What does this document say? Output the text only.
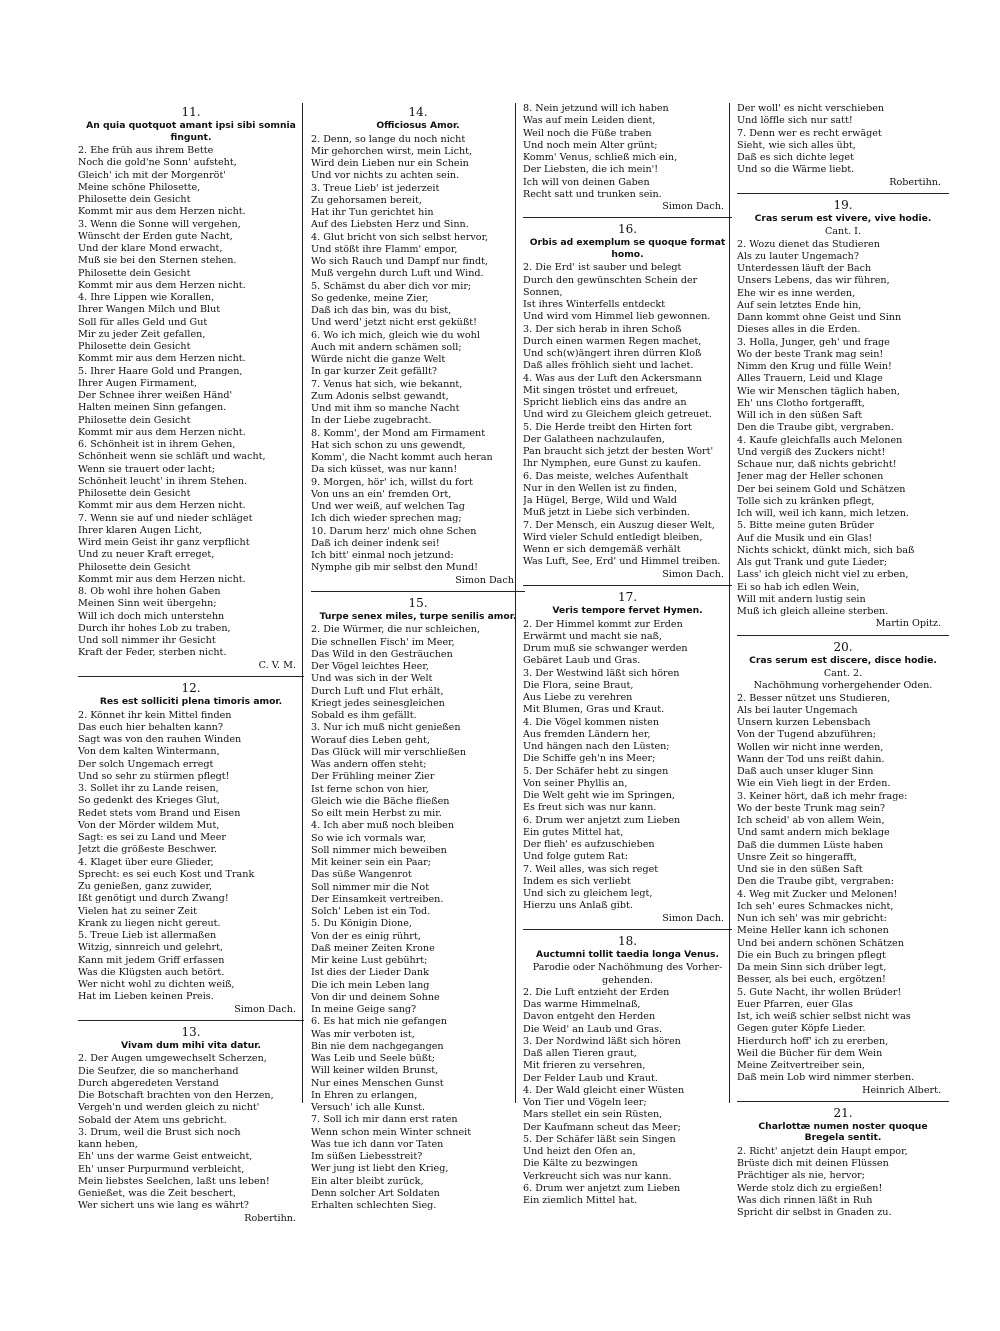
11.
An quia quotquot amant ipsi sibi somnia fingunt.
2. Ehe früh aus ihrem Bette
Noch die gold'ne Sonn' aufsteht,
Gleich' ich mit der Morgenröt'
Meine schöne Philosette,
Philosette dein Gesicht
Kommt mir aus dem Herzen nicht.
3. Wenn die Sonne will vergehen,
Wünscht der Erden gute Nacht,
Und der klare Mond erwacht,
Muß sie bei den Sternen stehen.
Philosette dein Gesicht
Kommt mir aus dem Herzen nicht.
4. Ihre Lippen wie Korallen,
Ihrer Wangen Milch und Blut
Soll für alles Geld und Gut
Mir zu jeder Zeit gefallen,
Philosette dein Gesicht
Kommt mir aus dem Herzen nicht.
5. Ihrer Haare Gold und Prangen,
Ihrer Augen Firmament,
Der Schnee ihrer weißen Händ'
Halten meinen Sinn gefangen.
Philosette dein Gesicht
Kommt mir aus dem Herzen nicht.
6. Schönheit ist in ihrem Gehen,
Schönheit wenn sie schläft und wacht,
Wenn sie trauert oder lacht;
Schönheit leucht' in ihrem Stehen.
Philosette dein Gesicht
Kommt mir aus dem Herzen nicht.
7. Wenn sie auf und nieder schläget
Ihrer klaren Augen Licht,
Wird mein Geist ihr ganz verpflicht
Und zu neuer Kraft erreget,
Philosette dein Gesicht
Kommt mir aus dem Herzen nicht.
8. Ob wohl ihre hohen Gaben
Meinen Sinn weit übergehn;
Will ich doch mich unterstehn
Durch ihr hohes Lob zu traben,
Und soll nimmer ihr Gesicht
Kraft der Feder, sterben nicht.
C. V. M.
12.
Res est solliciti plena timoris amor.
2. Könnet ihr kein Mittel finden
Das euch hier behalten kann?
Sagt was von den rauhen Winden
Von dem kalten Wintermann,
Der solch Ungemach erregt
Und so sehr zu stürmen pflegt!
3. Sollet ihr zu Lande reisen,
So gedenkt des Krieges Glut,
Redet stets vom Brand und Eisen
Von der Mörder wildem Mut,
Sagt: es sei zu Land und Meer
Jetzt die größeste Beschwer.
4. Klaget über eure Glieder,
Sprecht: es sei euch Kost und Trank
Zu genießen, ganz zuwider,
Ißt genötigt und durch Zwang!
Vielen hat zu seiner Zeit
Krank zu liegen nicht gereut.
5. Treue Lieb ist allermaßen
Witzig, sinnreich und gelehrt,
Kann mit jedem Griff erfassen
Was die Klügsten auch betört.
Wer nicht wohl zu dichten weiß,
Hat im Lieben keinen Preis.
Simon Dach.
13.
Vivam dum mihi vita datur.
2. Der Augen umgewechselt Scherzen,
Die Seufzer, die so mancherhand
Durch abgeredeten Verstand
Die Botschaft brachten von den Herzen,
Vergeh'n und werden gleich zu nicht'
Sobald der Atem uns gebricht.
3. Drum, weil die Brust sich noch
kann heben,
Eh' uns der warme Geist entweicht,
Eh' unser Purpurmund verbleicht,
Mein liebstes Seelchen, laßt uns leben!
Genießet, was die Zeit beschert,
Wer sichert uns wie lang es währt?
Robertihn.
14.
Officiosus Amor.
2. Denn, so lange du noch nicht
Mir gehorchen wirst, mein Licht,
Wird dein Lieben nur ein Schein
Und vor nichts zu achten sein.
3. Treue Lieb' ist jederzeit
Zu gehorsamen bereit,
Hat ihr Tun gerichtet hin
Auf des Liebsten Herz und Sinn.
4. Glut bricht von sich selbst hervor,
Und stößt ihre Flamm' empor,
Wo sich Rauch und Dampf nur findt,
Muß vergehn durch Luft und Wind.
5. Schämst du aber dich vor mir;
So gedenke, meine Zier,
Daß ich das bin, was du bist,
Und werd' jetzt nicht erst geküßt!
6. Wo ich mich, gleich wie du wohl
Auch mit andern schämen soll;
Würde nicht die ganze Welt
In gar kurzer Zeit gefällt?
7. Venus hat sich, wie bekannt,
Zum Adonis selbst gewandt,
Und mit ihm so manche Nacht
In der Liebe zugebracht.
8. Komm', der Mond am Firmament
Hat sich schon zu uns gewendt,
Komm', die Nacht kommt auch heran
Da sich küsset, was nur kann!
9. Morgen, hör' ich, willst du fort
Von uns an ein' fremden Ort,
Und wer weiß, auf welchen Tag
Ich dich wieder sprechen mag;
10. Darum herz' mich ohne Schen
Daß ich deiner indenk sei!
Ich bitt' einmal noch jetzund:
Nymphe gib mir selbst den Mund!
Simon Dach.
15.
Turpe senex miles, turpe senilis amor.
2. Die Würmer, die nur schleichen,
Die schnellen Fisch' im Meer,
Das Wild in den Gesträuchen
Der Vögel leichtes Heer,
Und was sich in der Welt
Durch Luft und Flut erhält,
Kriegt jedes seinesgleichen
Sobald es ihm gefällt.
3. Nur ich muß nicht genießen
Worauf dies Leben geht,
Das Glück will mir verschließen
Was andern offen steht;
Der Frühling meiner Zier
Ist ferne schon von hier,
Gleich wie die Bäche fließen
So eilt mein Herbst zu mir.
4. Ich aber muß noch bleiben
So wie ich vormals war,
Soll nimmer mich beweiben
Mit keiner sein ein Paar;
Das süße Wangenrot
Soll nimmer mir die Not
Der Einsamkeit vertreiben.
Solch' Leben ist ein Tod.
5. Du Königin Dione,
Von der es einig rührt,
Daß meiner Zeiten Krone
Mir keine Lust gebührt;
Ist dies der Lieder Dank
Die ich mein Leben lang
Von dir und deinem Sohne
In meine Geige sang?
6. Es hat mich nie gefangen
Was mir verboten ist,
Bin nie dem nachgegangen
Was Leib und Seele büßt;
Will keiner wilden Brunst,
Nur eines Menschen Gunst
In Ehren zu erlangen,
Versuch' ich alle Kunst.
7. Soll ich mir dann erst raten
Wenn schon mein Winter schneit
Was tue ich dann vor Taten
Im süßen Liebesstreit?
Wer jung ist liebt den Krieg,
Ein alter bleibt zurück,
Denn solcher Art Soldaten
Erhalten schlechten Sieg.
8. Nein jetzund will ich haben
Was auf mein Leiden dient,
Weil noch die Füße traben
Und noch mein Alter grünt;
Komm' Venus, schließ mich ein,
Der Liebsten, die ich mein'!
Ich will von deinen Gaben
Recht satt und trunken sein.
Simon Dach.
16.
Orbis ad exemplum se quoque format homo.
2. Die Erd' ist sauber und belegt
Durch den gewünschten Schein der
Sonnen,
Ist ihres Winterfells entdeckt
Und wird vom Himmel lieb gewonnen.
3. Der sich herab in ihren Schoß
Durch einen warmen Regen machet,
Und sch(w)ängert ihren dürren Kloß
Daß alles fröhlich sieht und lachet.
4. Was aus der Luft den Ackersmann
Mit singen tröstet und erfreuet,
Spricht lieblich eins das andre an
Und wird zu Gleichem gleich getreuet.
5. Die Herde treibt den Hirten fort
Der Galatheen nachzulaufen,
Pan braucht sich jetzt der besten Wort'
Ihr Nymphen, eure Gunst zu kaufen.
6. Das meiste, welches Aufenthalt
Nur in den Wellen ist zu finden,
Ja Hügel, Berge, Wild und Wald
Muß jetzt in Liebe sich verbinden.
7. Der Mensch, ein Auszug dieser Welt,
Wird vieler Schuld entledigt bleiben,
Wenn er sich demgemäß verhält
Was Luft, See, Erd' und Himmel treiben.
Simon Dach.
17.
Veris tempore fervet Hymen.
2. Der Himmel kommt zur Erden
Erwärmt und macht sie naß,
Drum muß sie schwanger werden
Gebäret Laub und Gras.
3. Der Westwind läßt sich hören
Die Flora, seine Braut,
Aus Liebe zu verehren
Mit Blumen, Gras und Kraut.
4. Die Vögel kommen nisten
Aus fremden Ländern her,
Und hängen nach den Lüsten;
Die Schiffe geh'n ins Meer;
5. Der Schäfer hebt zu singen
Von seiner Phyllis an,
Die Welt geht wie im Springen,
Es freut sich was nur kann.
6. Drum wer anjetzt zum Lieben
Ein gutes Mittel hat,
Der flieh' es aufzuschieben
Und folge gutem Rat:
7. Weil alles, was sich reget
Indem es sich verliebt
Und sich zu gleichem legt,
Hierzu uns Anlaß gibt.
Simon Dach.
18.
Auctumni tollit taedia longa Venus.
Parodie oder Nachöhmung des Vorher-
gehenden.
2. Die Luft entzieht der Erden
Das warme Himmelnaß,
Davon entgeht den Herden
Die Weid' an Laub und Gras.
3. Der Nordwind läßt sich hören
Daß allen Tieren graut,
Mit frieren zu versehren,
Der Felder Laub und Kraut.
4. Der Wald gleicht einer Wüsten
Von Tier und Vögeln leer;
Mars stellet ein sein Rüsten,
Der Kaufmann scheut das Meer;
5. Der Schäfer läßt sein Singen
Und heizt den Ofen an,
Die Kälte zu bezwingen
Verkreucht sich was nur kann.
6. Drum wer anjetzt zum Lieben
Ein ziemlich Mittel hat.
Der woll' es nicht verschieben
Und löffle sich nur satt!
7. Denn wer es recht erwäget
Sieht, wie sich alles übt,
Daß es sich dichte leget
Und so die Wärme liebt.
Robertihn.
19.
Cras serum est vivere, vive hodie.
Cant. I.
2. Wozu dienet das Studieren
Als zu lauter Ungemach?
Unterdessen läuft der Bach
Unsers Lebens, das wir führen,
Ehe wir es inne werden,
Auf sein letztes Ende hin,
Dann kommt ohne Geist und Sinn
Dieses alles in die Erden.
3. Holla, Junger, geh' und frage
Wo der beste Trank mag sein!
Nimm den Krug und fülle Wein!
Alles Trauern, Leid und Klage
Wie wir Menschen täglich haben,
Eh' uns Clotho fortgerafft,
Will ich in den süßen Saft
Den die Traube gibt, vergraben.
4. Kaufe gleichfalls auch Melonen
Und vergiß des Zuckers nicht!
Schaue nur, daß nichts gebricht!
Jener mag der Heller schonen
Der bei seinem Gold und Schätzen
Tolle sich zu kränken pflegt,
Ich will, weil ich kann, mich letzen.
5. Bitte meine guten Brüder
Auf die Musik und ein Glas!
Nichts schickt, dünkt mich, sich baß
Als gut Trank und gute Lieder;
Lass' ich gleich nicht viel zu erben,
Ei so hab ich edlen Wein,
Will mit andern lustig sein
Muß ich gleich alleine sterben.
Martin Opitz.
20.
Cras serum est discere, disce hodie.
Cant. 2.
Nachöhmung vorhergehender Oden.
2. Besser nützet uns Studieren,
Als bei lauter Ungemach
Unsern kurzen Lebensbach
Von der Tugend abzuführen;
Wollen wir nicht inne werden,
Wann der Tod uns reißt dahin.
Daß auch unser kluger Sinn
Wie ein Vieh liegt in der Erden.
3. Keiner hört, daß ich mehr frage:
Wo der beste Trunk mag sein?
Ich scheid' ab von allem Wein,
Und samt andern mich beklage
Daß die dummen Lüste haben
Unsre Zeit so hingerafft,
Und sie in den süßen Saft
Den die Traube gibt, vergraben:
4. Weg mit Zucker und Melonen!
Ich seh' eures Schmackes nicht,
Nun ich seh' was mir gebricht:
Meine Heller kann ich schonen
Und bei andern schönen Schätzen
Die ein Buch zu bringen pflegt
Da mein Sinn sich drüber legt,
Besser, als bei euch, ergötzen!
5. Gute Nacht, ihr wollen Brüder!
Euer Pfarren, euer Glas
Ist, ich weiß schier selbst nicht was
Gegen guter Köpfe Lieder.
Hierdurch hoff' ich zu ererben,
Weil die Bücher für dem Wein
Meine Zeitvertreiber sein,
Daß mein Lob wird nimmer sterben.
Heinrich Albert.
21.
Charlottæ numen noster quoque Bregela sentit.
2. Richt' anjetzt dein Haupt empor,
Brüste dich mit deinen Flüssen
Prächtiger als nie, hervor;
Werde stolz dich zu ergießen!
Was dich rinnen läßt in Ruh
Spricht dir selbst in Gnaden zu.
